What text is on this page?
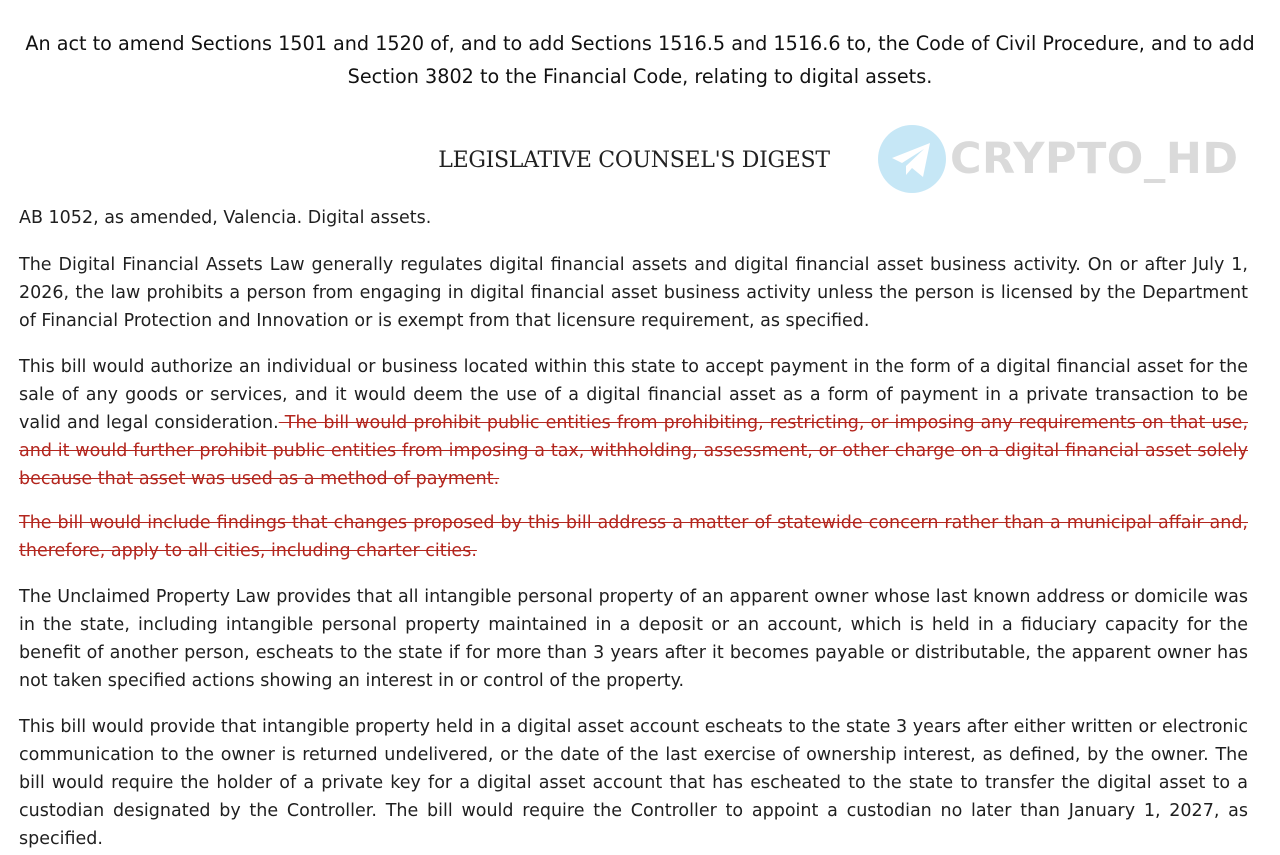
An act to amend Sections 1501 and 1520 of, and to add Sections 1516.5 and 1516.6 to, the Code of Civil Procedure, and to add Section 3802 to the Financial Code, relating to digital assets.
LEGISLATIVE COUNSEL'S DIGEST	CRYPTO_HD

AB 1052, as amended, Valencia. Digital assets.

The Digital Financial Assets Law generally regulates digital financial assets and digital financial asset business activity. On or after July 1, 2026, the law prohibits a person from engaging in digital financial asset business activity unless the person is licensed by the Department of Financial Protection and Innovation or is exempt from that licensure requirement, as specified.

This bill would authorize an individual or business located within this state to accept payment in the form of a digital financial asset for the sale of any goods or services, and it would deem the use of a digital financial asset as a form of payment in a private transaction to be valid and legal consideration. The bill would prohibit public entities from prohibiting, restricting, or imposing any requirements on that use, and it would further prohibit public entities from imposing a tax, withholding, assessment, or other charge on a digital financial asset solely because that asset was used as a method of payment.

The bill would include findings that changes proposed by this bill address a matter of statewide concern rather than a municipal affair and, therefore, apply to all cities, including charter cities.

The Unclaimed Property Law provides that all intangible personal property of an apparent owner whose last known address or domicile was in the state, including intangible personal property maintained in a deposit or an account, which is held in a fiduciary capacity for the benefit of another person, escheats to the state if for more than 3 years after it becomes payable or distributable, the apparent owner has not taken specified actions showing an interest in or control of the property.

This bill would provide that intangible property held in a digital asset account escheats to the state 3 years after either written or electronic communication to the owner is returned undelivered, or the date of the last exercise of ownership interest, as defined, by the owner. The bill would require the holder of a private key for a digital asset account that has escheated to the state to transfer the digital asset to a custodian designated by the Controller. The bill would require the Controller to appoint a custodian no later than January 1, 2027, as specified.
